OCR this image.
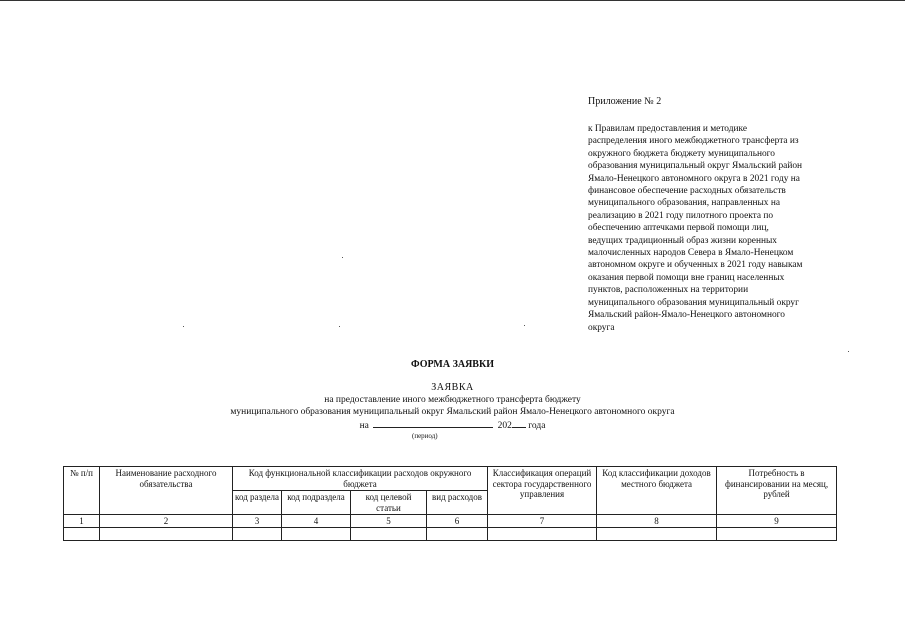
Приложение № 2
к Правилам предоставления и методике
распределения иного межбюджетного трансферта из
окружного бюджета бюджету муниципального
образования муниципальный округ Ямальский район
Ямало-Ненецкого автономного округа в 2021 году на
финансовое обеспечение расходных обязательств
муниципального образования, направленных на
реализацию в 2021 году пилотного проекта по
обеспечению аптечками первой помощи лиц,
ведущих традиционный образ жизни коренных
малочисленных народов Севера в Ямало-Ненецком
автономном округе и обученных в 2021 году навыкам
оказания первой помощи вне границ населенных
пунктов, расположенных на территории
муниципального образования муниципальный округ
Ямальский район-Ямало-Ненецкого автономного
округа
ФОРМА ЗАЯВКИ
ЗАЯВКА
на предоставление иного межбюджетного трансферта бюджету
муниципального образования муниципальный округ Ямальский район Ямало-Ненецкого автономного округа
на	202 года
(период)
№ п/п	Наименование расходного обязательства	Код функциональной классификации расходов окружного бюджета				Классификация операций сектора государственного управления	Код классификации доходов местного бюджета	Потребность в финансировании на месяц, рублей
		код раздела	код подраздела	код целевой статьи	вид расходов			
1	2	3	4	5	6	7	8	9
